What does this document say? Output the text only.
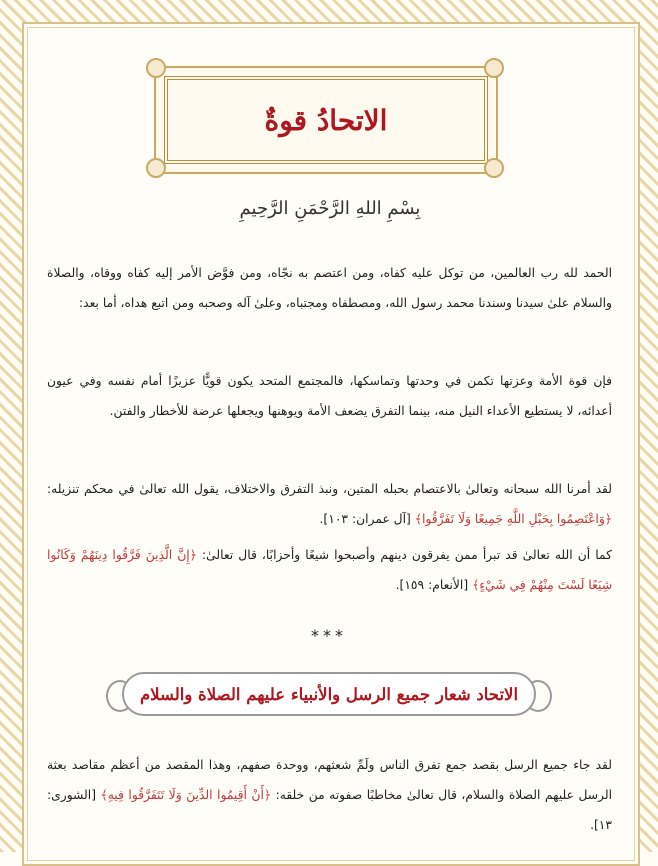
الاتحادُ قوةٌ
بِسْمِ اللهِ الرَّحْمَنِ الرَّحِيمِ
الحمد لله رب العالمين، من توكل عليه كفاه، ومن اعتصم به نجّاه، ومن فوَّض الأمر إليه كفاه ووقاه، والصلاة والسلام علىٰ سيدنا وسندنا محمد رسول الله، ومصطفاه ومجتباه، وعلىٰ آله وصحبه ومن اتبع هداه، أما بعد:
فإن قوة الأمة وعزتها تكمن في وحدتها وتماسكها، فالمجتمع المتحد يكون قويًّا عزيزًا أمام نفسه وفي عيون أعدائه، لا يستطيع الأعداء النيل منه، بينما التفرق يضعف الأمة ويوهنها ويجعلها عرضة للأخطار والفتن.
لقد أمرنا الله سبحانه وتعالىٰ بالاعتصام بحبله المتين، ونبذ التفرق والاختلاف، يقول الله تعالىٰ في محكم تنزيله: ﴿وَاعْتَصِمُوا بِحَبْلِ اللَّهِ جَمِيعًا وَلَا تَفَرَّقُوا﴾ [آل عمران: ١٠٣].
كما أن الله تعالىٰ قد تبرأ ممن يفرقون دينهم وأصبحوا شيعًا وأحزابًا، قال تعالىٰ: ﴿إِنَّ الَّذِينَ فَرَّقُوا دِينَهُمْ وَكَانُوا شِيَعًا لَسْتَ مِنْهُمْ فِي شَيْءٍ﴾ [الأنعام: ١٥٩].
***
الاتحاد شعار جميع الرسل والأنبياء عليهم الصلاة والسلام
لقد جاء جميع الرسل بقصد جمع تفرق الناس ولَمِّ شعثهم، ووحدة صفهم، وهذا المقصد من أعظم مقاصد بعثة الرسل عليهم الصلاة والسلام، قال تعالىٰ مخاطبًا صفوته من خلقه: ﴿أَنْ أَقِيمُوا الدِّينَ وَلَا تَتَفَرَّقُوا فِيهِ﴾ [الشورى: ١٣].
